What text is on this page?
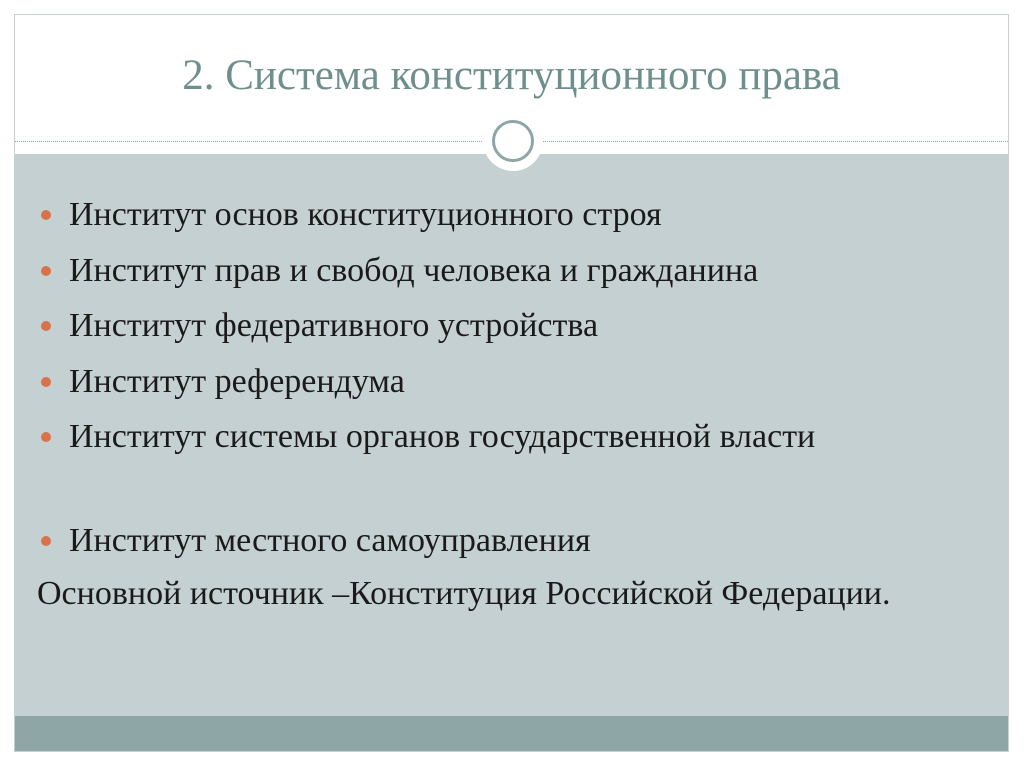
2. Система конституционного права
Институт основ конституционного строя
Институт прав и свобод человека и гражданина
Институт федеративного устройства
Институт референдума
Институт системы органов государственной власти
Институт местного самоуправления
Основной источник –Конституция Российской Федерации.
